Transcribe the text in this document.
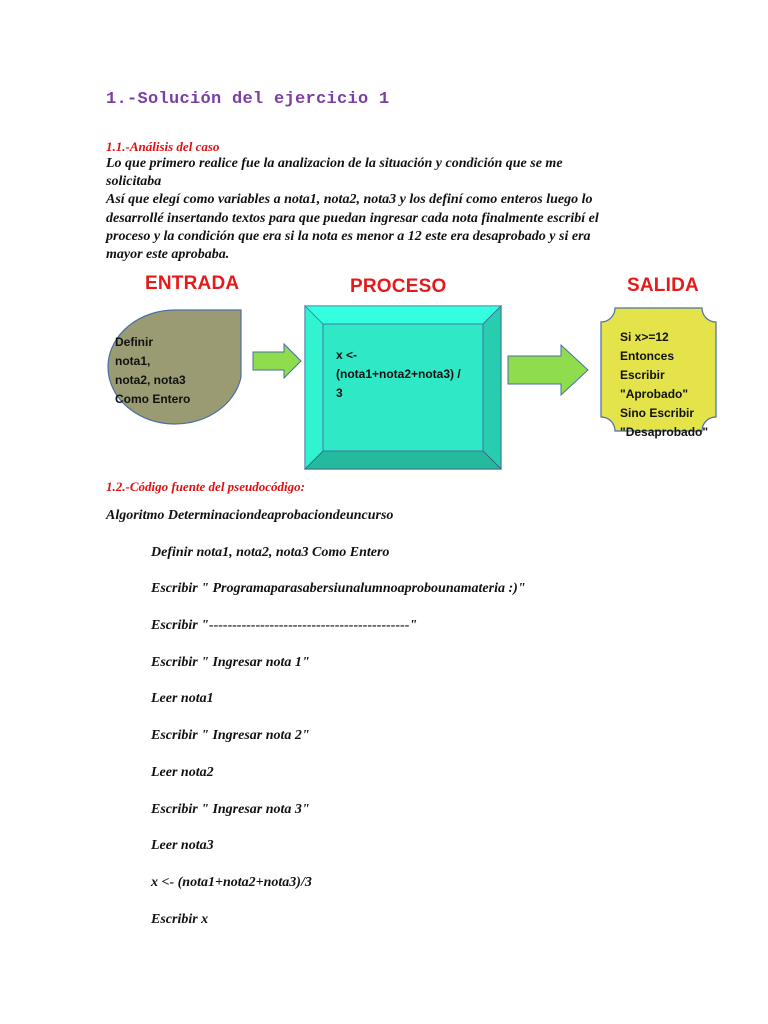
1.-Solución del ejercicio 1
1.1.-Análisis del caso
Lo que primero realice fue la analizacion de la situación y condición que se me
solicitaba
Así que elegí como variables a nota1, nota2, nota3 y los definí como enteros luego lo
desarrollé insertando textos para que puedan ingresar cada nota finalmente escribí el
proceso y la condición que era si la nota es menor a 12 este era desaprobado y si era
mayor este aprobaba.
ENTRADA	PROCESO	SALIDA
Definir
nota1,
nota2, nota3
Como Entero
x <-
(nota1+nota2+nota3) /
3
Si x>=12
Entonces
Escribir
"Aprobado"
Sino Escribir
"Desaprobado"
1.2.-Código fuente del pseudocódigo:
Algoritmo Determinaciondeaprobaciondeuncurso
Definir nota1, nota2, nota3 Como Entero
Escribir " Programaparasabersiunalumnoaprobounamateria :)"
Escribir "-------------------------------------------"
Escribir " Ingresar nota 1"
Leer nota1
Escribir " Ingresar nota 2"
Leer nota2
Escribir " Ingresar nota 3"
Leer nota3
x <- (nota1+nota2+nota3)/3
Escribir x
